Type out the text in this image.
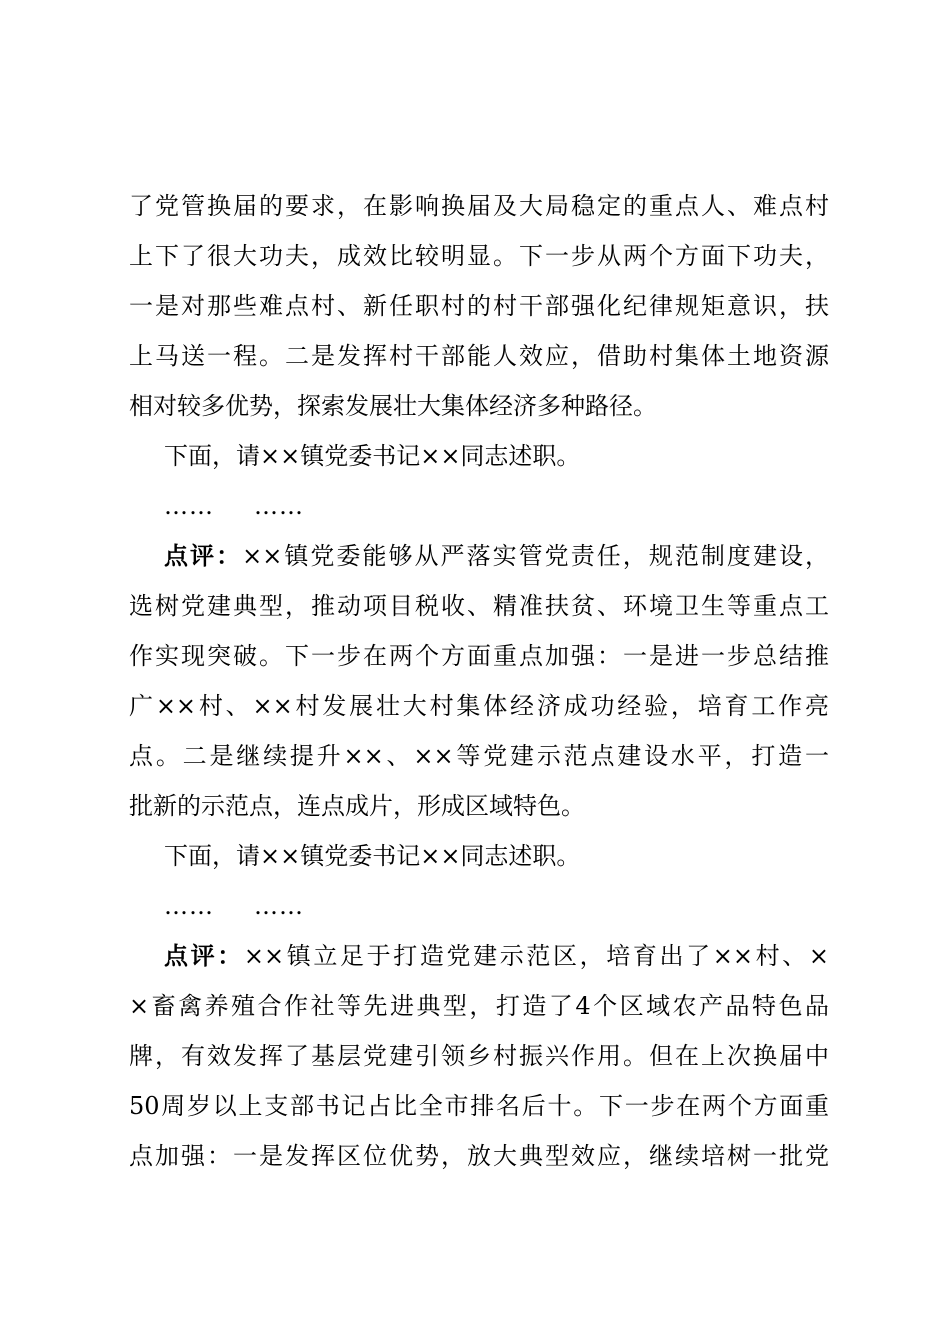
了党管换届的要求，在影响换届及大局稳定的重点人、难点村
上下了很大功夫，成效比较明显。下一步从两个方面下功夫，
一是对那些难点村、新任职村的村干部强化纪律规矩意识，扶
上马送一程。二是发挥村干部能人效应，借助村集体土地资源
相对较多优势，探索发展壮大集体经济多种路径。
下面，请××镇党委书记××同志述职。
…… ……
点评：××镇党委能够从严落实管党责任，规范制度建设，
选树党建典型，推动项目税收、精准扶贫、环境卫生等重点工
作实现突破。下一步在两个方面重点加强：一是进一步总结推
广××村、××村发展壮大村集体经济成功经验，培育工作亮
点。二是继续提升××、××等党建示范点建设水平，打造一
批新的示范点，连点成片，形成区域特色。
下面，请××镇党委书记××同志述职。
…… ……
点评：××镇立足于打造党建示范区，培育出了××村、×
×畜禽养殖合作社等先进典型，打造了4个区域农产品特色品
牌，有效发挥了基层党建引领乡村振兴作用。但在上次换届中
50周岁以上支部书记占比全市排名后十。下一步在两个方面重
点加强：一是发挥区位优势，放大典型效应，继续培树一批党
